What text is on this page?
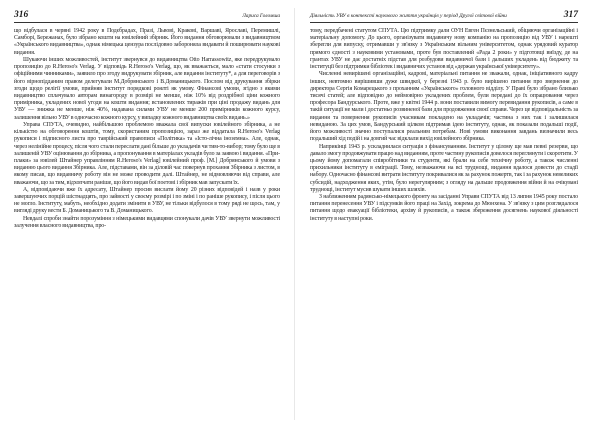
316	Лариса Голомша

що відбулася в червні 1942 року в Подєбрадах, Празі, Львові, Кракові, Варшаві, Ярославі, Перемишлі, Самборі, Бережанах, було зібрано кошти на ювілейний збірник. Його видання обговорювали з видавництвом «Українського видавництва», однак німецька цензура послідовно забороняла видавати й поширювати наукові видання.

Шукаючи інших можливостей, інститут звернувся до видавництва Otto Harrassowitz, яке передрукувало пропозицію до R.Heroso's Verlag. У відповідь R.Heroso's Verlag, що, як вважається, мало «стати стосунки з офіційними чинниками», заявило про згоду видрукувати збірник, але видання інституту*, а для переговорів з його вірнопідданим правом делегували М.Добрянського і В.Доманицького. Послом від друкування збірки згоди щодо релігії умови, прийняв інститут порядкові роялті як умову. Фінансові умови, згідно з якими видавництво сплачувало авторам винагороду в розмірі не менше, ніж 10% від роздрібної ціни кожного примірника, укладених нової угоди на кошти видання; встановлених тиражів при ціні продажу видань для УВУ — знижка не менше, ніж 40%, надавана силами УВУ не менше 200 примірників кожного курсу, залишення вільно УВУ в одночасно кожного курсу, у випадку кожного видавництва своїх видань.»

Управа СПУТА, очевидно, найбільшою проблемою вважала свої випуски ювілейного збірника, а не кількістю на обговорення коштів, тому, скористаним пропозицією, зараз же віддатала R.Heroso's Verlag рукописи і підписного листа про таврійський правописи «Політика» та «Істо-лічна іноземна». Але, однак, через нелінійне процесу, після чого стали переслати дані більше до укладачів чи тим-то-вибор; тому було ще в залишеній УВУ оцінювання до збірника, а пропонування в матеріалах укладів було за заявою і видання. «При-плаки» за ювілей Штайнер управлінням R.Heroso's Verlag] ювілейний проф. [M.] Добрянського й умови з виданню цього видання Збірника. Але, підставами, він за діловій час повернув прохання Збірника з листом, в якому писав, що видавничу роботу він не може проводити далі. Штайнер, не відмовляючи від справи, але вважаючи, що за тим, відхопчати раніше, що його видав бої поетові і збірник мав запускати їх.

А, відповідаючи вже їх адресату, Штайнер просив вислати йому 20 різних відповідей і назв у роки завершуючих порцій шістнадцять, про зайвості у своєму розмірі і по зміні і по раніше рукопису, і після цього не могло. Інституту, мабуть, необхідно додати змінити в УВУ, не тільки відбулося в тому ряді не щось, там, у вигляді друку вести Б. Доманицького та В. Доманицького.

Невдалі спроби знайти порозуміння з німецькими видавцями спонукали дачів УВУ звернути можливості залучення власного видавництва, про-

Діяльність УВУ в контексті наукового життя українців у період Другої світової війни	317

тому, передбачені статутом СПУТА. Цю підтримку дали ОУН Евген Пєзнельський, обіцяючи організаційні і матеріальну допомогу. До цього, організувати видавничу нову компанію на пропозицію від УВУ і нарешті зберегли для випуску, отримавши у зв'язку з Українським вільним університетом, однак урядовий куратор прямого єдності з науковими установами, проте був поставлений «Рада 2 роки» у підготовці виїзду, де на грантах УВУ не дає достатніх підстав для розбудови видавничої бази і дальших укладень від бюджету та інституції без підтримки бібліотек і видавничих установ від «держав української університету».

Численні невирішені організаційні, кадрові, матеріальні питання не зважали, однак, ініціативного кадру інших, невтомно вирішивши дуже швидкої, у березні 1943 р. було вирішено питання про звернення до директора Сергія Комарецького з проханням «Українського» головного відділу. У Праві було зібрано близько тисячі статей; але відповідно до неймовірно укладених проблем, були передані до їх опрацювання через професора Бандурського. Проте, вже у квітні 1944 р. вони поставили вимогу перевидання рукописів, а саме в такій ситуації не мали і достатньо розвиненої бази для продовження своєї справи. Через це відповідальність за видання та повернення рукописів учасникам покладено на укладачів; частина з них так і залишилася невиданою. За цих умов, Бандурський цілком підтримав ідею інституту, однак, як показали подальші події, його можливості значно поступалися реальним потребам. Нові умови виконання завдань визначили весь подальший хід подій і на довгий час відклали вихід ювілейного збірника.

Наприкінці 1943 р. ускладнилася ситуація з фінансуванням. Інститут у цілому ще мав певні резерви, що давало змогу продовжувати працю над виданням, проте частину рукописів довелося переглянути і скоротити. У цьому йому допомагали співробітники та студенти, які брали на себе технічну роботу, а також численні прихильники інституту в еміграції. Тому, незважаючи на всі труднощі, видання вдалося довести до стадії набору. Одночасно фінансові витрати інституту покривалися як за рахунок пожертв, так і за рахунок невеликих субсидій, надходження яких, утім, було нерегулярним; з огляду на дальше продовження війни й на очікувані труднощі, інститут мусив шукати інших шляхів.

З наближенням радянсько-німецького фронту на засіданні Управи СПУТА від 13 липня 1945 року постало питання перенесення УВУ і підсумків його праці на Захід, зокрема до Мюнхена. У зв'язку з цим розглядалося питання щодо евакуації бібліотеки, архіву й рукописів, а також збереження досягнень наукової діяльності інституту в наступні роки.
